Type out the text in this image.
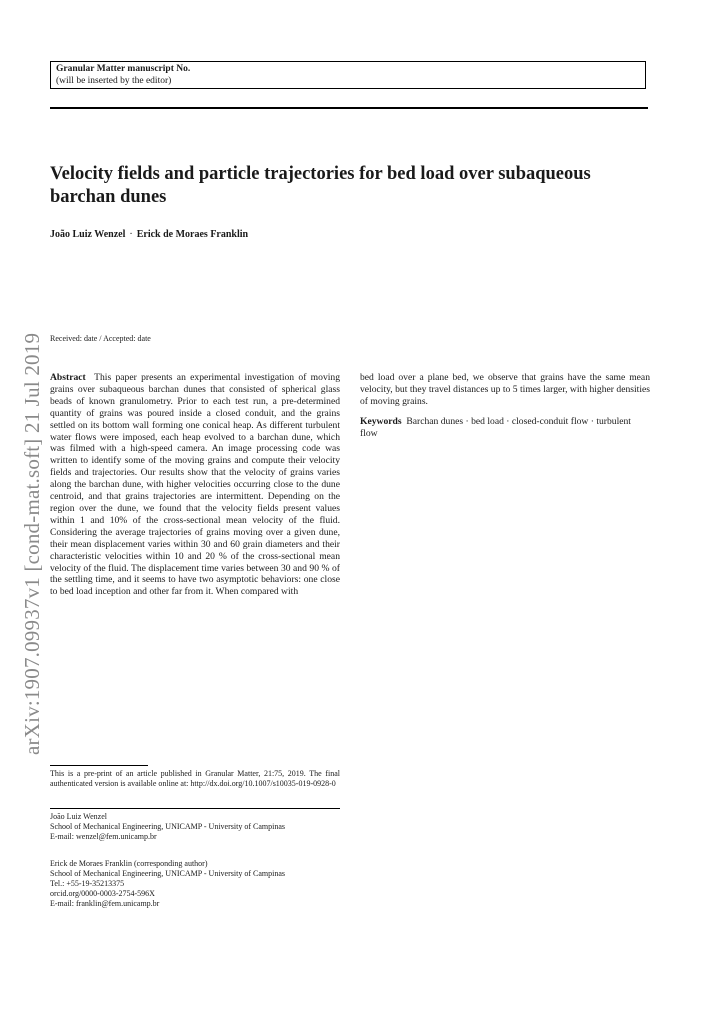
Granular Matter manuscript No.
(will be inserted by the editor)
Velocity fields and particle trajectories for bed load over subaqueous barchan dunes
João Luiz Wenzel · Erick de Moraes Franklin
arXiv:1907.09937v1 [cond-mat.soft] 21 Jul 2019 Received: date / Accepted: date
Abstract This paper presents an experimental investigation of moving grains over subaqueous barchan dunes that consisted of spherical glass beads of known granulometry. Prior to each test run, a pre-determined quantity of grains was poured inside a closed conduit, and the grains settled on its bottom wall forming one conical heap. As different turbulent water flows were imposed, each heap evolved to a barchan dune, which was filmed with a high-speed camera. An image processing code was written to identify some of the moving grains and compute their velocity fields and trajectories. Our results show that the velocity of grains varies along the barchan dune, with higher velocities occurring close to the dune centroid, and that grains trajectories are intermittent. Depending on the region over the dune, we found that the velocity fields present values within 1 and 10% of the cross-sectional mean velocity of the fluid. Considering the average trajectories of grains moving over a given dune, their mean displacement varies within 30 and 60 grain diameters and their characteristic velocities within 10 and 20 % of the cross-sectional mean velocity of the fluid. The displacement time varies between 30 and 90 % of the settling time, and it seems to have two asymptotic behaviors: one close to bed load inception and other far from it. When compared with
bed load over a plane bed, we observe that grains have the same mean velocity, but they travel distances up to 5 times larger, with higher densities of moving grains.
Keywords Barchan dunes · bed load · closed-conduit flow · turbulent flow
This is a pre-print of an article published in Granular Matter, 21:75, 2019. The final authenticated version is available online at: http://dx.doi.org/10.1007/s10035-019-0928-0
João Luiz Wenzel
School of Mechanical Engineering, UNICAMP - University of Campinas
E-mail: wenzel@fem.unicamp.br
Erick de Moraes Franklin (corresponding author)
School of Mechanical Engineering, UNICAMP - University of Campinas
Tel.: +55-19-35213375
orcid.org/0000-0003-2754-596X
E-mail: franklin@fem.unicamp.br
